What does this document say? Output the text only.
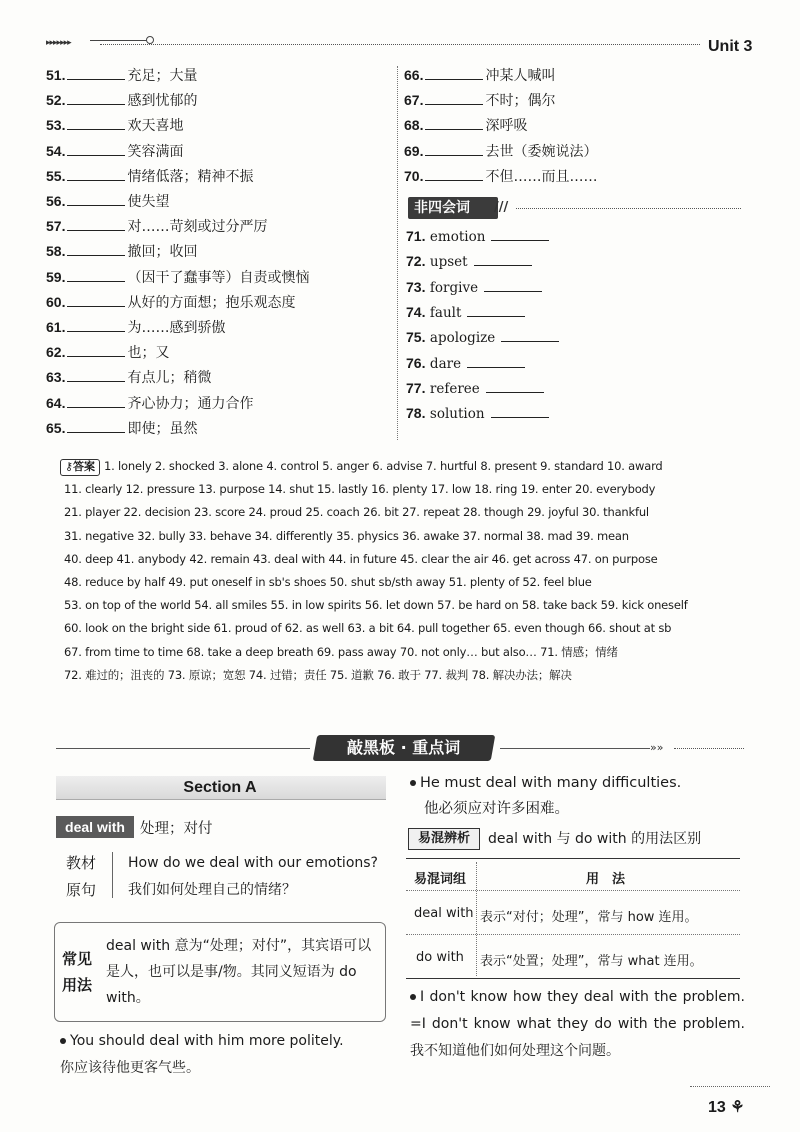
▸▸▸▸▸▸▸	Unit 3
51.	充足；大量
52.	感到忧郁的
53.	欢天喜地
54.	笑容满面
55.	情绪低落；精神不振
56.	使失望
57.	对……苛刻或过分严厉
58.	撤回；收回
59.	（因干了蠢事等）自责或懊恼
60.	从好的方面想；抱乐观态度
61.	为……感到骄傲
62.	也；又
63.	有点儿；稍微
64.	齐心协力；通力合作
65.	即使；虽然
66.	冲某人喊叫
67.	不时；偶尔
68.	深呼吸
69.	去世（委婉说法）
70.	不但……而且……
非四会词	///
71. emotion
72. upset
73. forgive
74. fault
75. apologize
76. dare
77. referee
78. solution
⚷答案 1. lonely 2. shocked 3. alone 4. control 5. anger 6. advise 7. hurtful 8. present 9. standard 10. award
11. clearly 12. pressure 13. purpose 14. shut 15. lastly 16. plenty 17. low 18. ring 19. enter 20. everybody
21. player 22. decision 23. score 24. proud 25. coach 26. bit 27. repeat 28. though 29. joyful 30. thankful
31. negative 32. bully 33. behave 34. differently 35. physics 36. awake 37. normal 38. mad 39. mean
40. deep 41. anybody 42. remain 43. deal with 44. in future 45. clear the air 46. get across 47. on purpose
48. reduce by half 49. put oneself in sb's shoes 50. shut sb/sth away 51. plenty of 52. feel blue
53. on top of the world 54. all smiles 55. in low spirits 56. let down 57. be hard on 58. take back 59. kick oneself
60. look on the bright side 61. proud of 62. as well 63. a bit 64. pull together 65. even though 66. shout at sb
67. from time to time 68. take a deep breath 69. pass away 70. not only… but also… 71. 情感；情绪
72. 难过的；沮丧的 73. 原谅；宽恕 74. 过错；责任 75. 道歉 76. 敢于 77. 裁判 78. 解决办法；解决
敲黑板 · 重点词	»»
Section A
deal with	处理；对付
教材
原句
How do we deal with our emotions?
我们如何处理自己的情绪？
常见
用法
deal with 意为“处理；对付”，其宾语可以是人，也可以是事/物。其同义短语为 do with。
You should deal with him more politely.
你应该待他更客气些。
He must deal with many difficulties.
他必须应对许多困难。
易混辨析	deal with 与 do with 的用法区别
易混词组	用　法
deal with 表示“对付；处理”，常与 how 连用。
do with 表示“处置；处理”，常与 what 连用。
I don't know how they deal with the problem. =I don't know what they do with the problem. 我不知道他们如何处理这个问题。
13 ⚘
